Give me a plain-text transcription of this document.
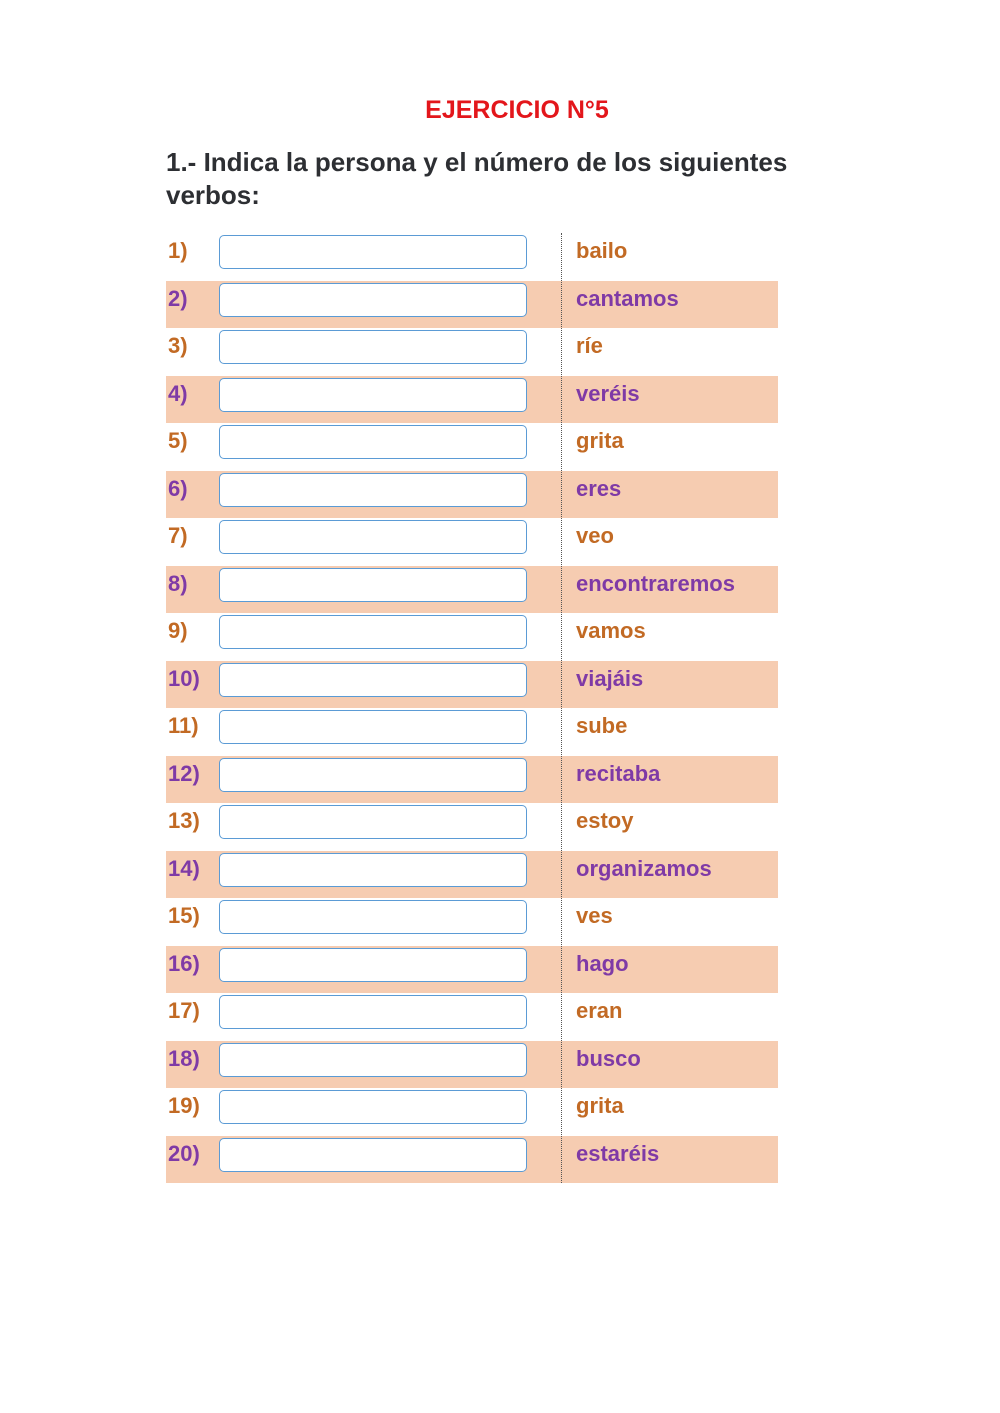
EJERCICIO N°5
1.- Indica la persona y el número de los siguientes verbos:
1)	bailo
2)	cantamos
3)	ríe
4)	veréis
5)	grita
6)	eres
7)	veo
8)	encontraremos
9)	vamos
10)	viajáis
11)	sube
12)	recitaba
13)	estoy
14)	organizamos
15)	ves
16)	hago
17)	eran
18)	busco
19)	grita
20)	estaréis
